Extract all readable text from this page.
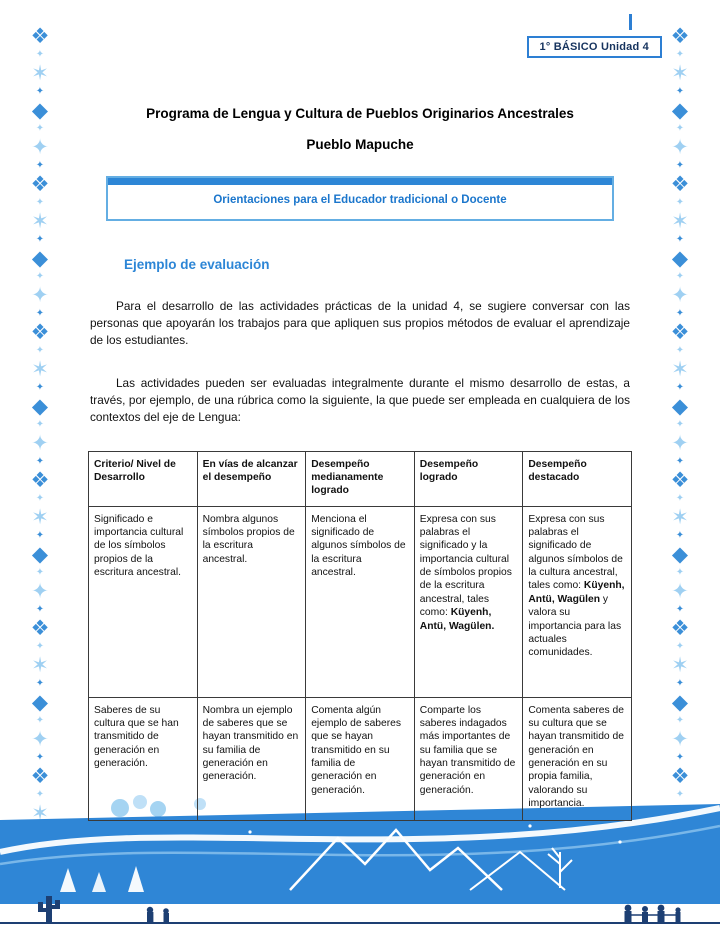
❖
✦
✶
✦
◆
✦
✦
✦
❖
✦
✶
✦
◆
✦
✦
✦
❖
✦
✶
✦
◆
✦
✦
✦
❖
✦
✶
✦
◆
✦
✦
✦
❖
✦
✶
✦
◆
✦
✦
✦
❖
✦
✶
❖
✦
✶
✦
◆
✦
✦
✦
❖
✦
✶
✦
◆
✦
✦
✦
❖
✦
✶
✦
◆
✦
✦
✦
❖
✦
✶
✦
◆
✦
✦
✦
❖
✦
✶
✦
◆
✦
✦
✦
❖
✦
1° BÁSICO Unidad 4
Programa de Lengua y Cultura de Pueblos Originarios Ancestrales
Pueblo Mapuche
Orientaciones para el Educador tradicional o Docente
Ejemplo de evaluación

Para el desarrollo de las actividades prácticas de la unidad 4, se sugiere conversar con las personas que apoyarán los trabajos para que apliquen sus propios métodos de evaluar el aprendizaje de los estudiantes.

Las actividades pueden ser evaluadas integralmente durante el mismo desarrollo de estas, a través, por ejemplo, de una rúbrica como la siguiente, la que puede ser empleada en cualquiera de los contextos del eje de Lengua:

Criterio/ Nivel de Desarrollo	En vías de alcanzar el desempeño	Desempeño medianamente logrado	Desempeño logrado	Desempeño destacado
Significado e importancia cultural de los símbolos propios de la escritura ancestral.	Nombra algunos símbolos propios de la escritura ancestral.	Menciona el significado de algunos símbolos de la escritura ancestral.	Expresa con sus palabras el significado y la importancia cultural de símbolos propios de la escritura ancestral, tales como: Küyenh, Antü, Wagülen.	Expresa con sus palabras el significado de algunos símbolos de la cultura ancestral, tales como: Küyenh, Antü, Wagülen y valora su importancia para las actuales comunidades.
Saberes de su cultura que se han transmitido de generación en generación.	Nombra un ejemplo de saberes que se hayan transmitido en su familia de generación en generación.	Comenta algún ejemplo de saberes que se hayan transmitido en su familia de generación en generación.	Comparte los saberes indagados más importantes de su familia que se hayan transmitido de generación en generación.	Comenta saberes de su cultura que se hayan transmitido de generación en generación en su propia familia, valorando su importancia.
